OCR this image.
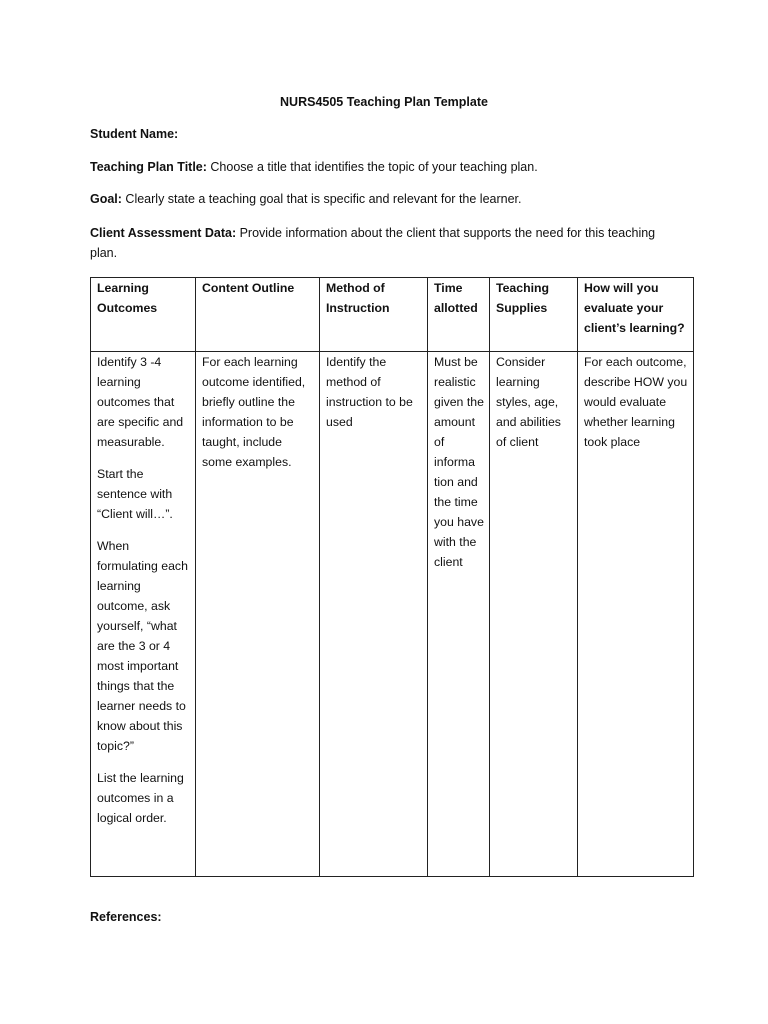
NURS4505 Teaching Plan Template
Student Name:
Teaching Plan Title: Choose a title that identifies the topic of your teaching plan.
Goal: Clearly state a teaching goal that is specific and relevant for the learner.
Client Assessment Data: Provide information about the client that supports the need for this teaching plan.
Learning Outcomes	Content Outline	Method of Instruction	Time allotted	Teaching Supplies	How will you evaluate your client’s learning?

Identify 3 -4 learning outcomes that are specific and measurable.
Start the sentence with “Client will…”.
When formulating each learning outcome, ask yourself, “what are the 3 or 4 most important things that the learner needs to know about this topic?”
List the learning outcomes in a logical order.	For each learning outcome identified, briefly outline the information to be taught, include some examples.	Identify the method of instruction to be used	Must be realistic given the amount of informa tion and the time you have with the client	Consider learning styles, age, and abilities of client	For each outcome, describe HOW you would evaluate whether learning took place
References:
